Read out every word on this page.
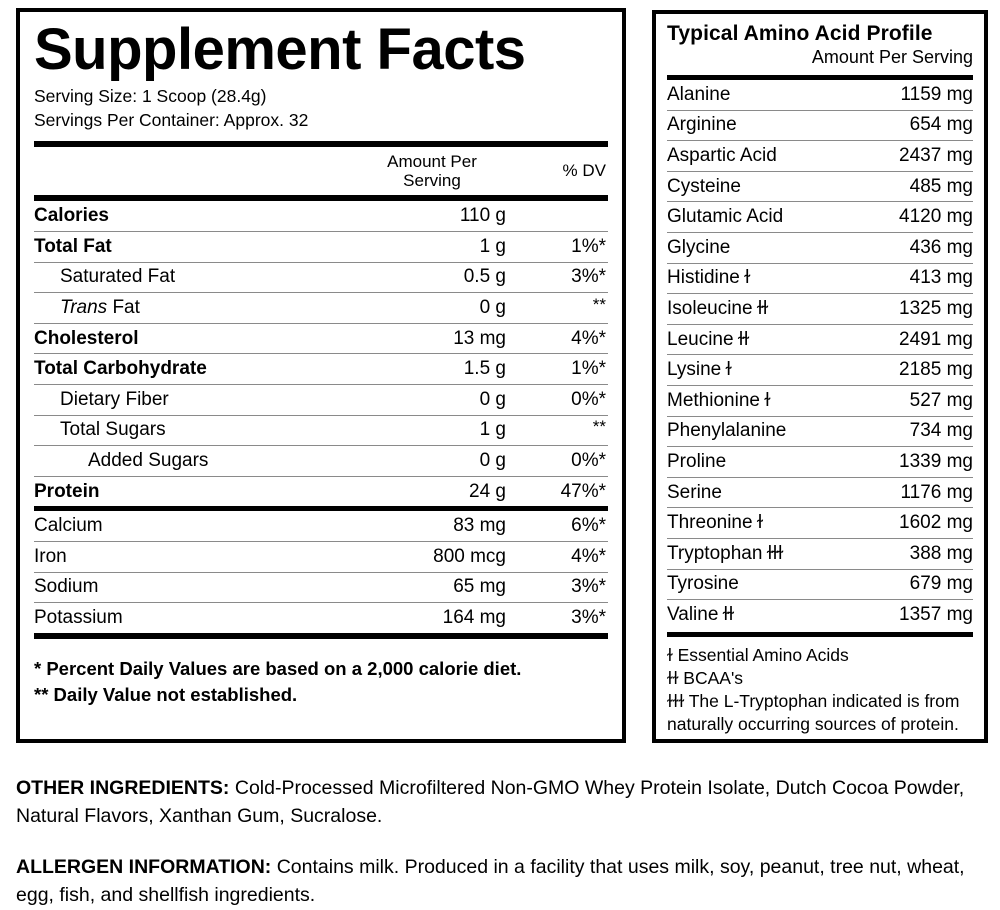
Supplement Facts
Serving Size: 1 Scoop (28.4g)
Servings Per Container: Approx. 32
Amount Per
Serving
% DV
Calories	110 g
Total Fat	1 g	1%*
Saturated Fat	0.5 g	3%*
Trans Fat	0 g	**
Cholesterol	13 mg	4%*
Total Carbohydrate	1.5 g	1%*
Dietary Fiber	0 g	0%*
Total Sugars	1 g	**
Added Sugars	0 g	0%*
Protein	24 g	47%*
Calcium	83 mg	6%*
Iron	800 mcg	4%*
Sodium	65 mg	3%*
Potassium	164 mg	3%*
* Percent Daily Values are based on a 2,000 calorie diet.
** Daily Value not established.
Typical Amino Acid Profile
Amount Per Serving
Alanine	1159 mg
Arginine	654 mg
Aspartic Acid	2437 mg
Cysteine	485 mg
Glutamic Acid	4120 mg
Glycine	436 mg
Histidine ɫ	413 mg
Isoleucine ɫɫ	1325 mg
Leucine ɫɫ	2491 mg
Lysine ɫ	2185 mg
Methionine ɫ	527 mg
Phenylalanine	734 mg
Proline	1339 mg
Serine	1176 mg
Threonine ɫ	1602 mg
Tryptophan ɫɫɫ	388 mg
Tyrosine	679 mg
Valine ɫɫ	1357 mg
ɫ Essential Amino Acids
ɫɫ BCAA's
ɫɫɫ The L-Tryptophan indicated is from naturally occurring sources of protein.

OTHER INGREDIENTS: Cold-Processed Microfiltered Non-GMO Whey Protein Isolate, Dutch Cocoa Powder, Natural Flavors, Xanthan Gum, Sucralose.

ALLERGEN INFORMATION: Contains milk. Produced in a facility that uses milk, soy, peanut, tree nut, wheat, egg, fish, and shellfish ingredients.
